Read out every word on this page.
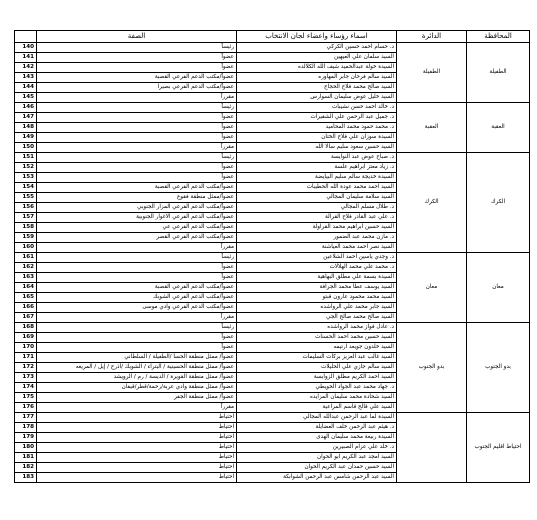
	الصفة	اسماء رؤساء واعضاء لجان الانتخاب	الدائرة	المحافظة
140	رئيساً	د. حسام احمد حسين الكركي	الطفيلة	الطفيلة
141	عضواً	السيد سلمان علي العيهين		
142	عضواً	السيدة خولة عبدالحميد شيف الله الكلالده		
143	عضواً/مكتب الدعم الفرعي القصبة	السيد سالم فرحان جابر المهاوره		
144	عضواً/مكتب الدعم الفرعي بصيرا	السيد صالح محمد فلاح الحجاج		
145	مقرراً	السيد خليل عوض سليمان السوارس		
146	رئيساً	د. خالد احمد حسن نشيبات	العقبة	العقبة
147	عضواً	د. جميل عبد الرحمن علي الشقيرات		
148	عضواً	د. محمد حمود محمد المحاميد		
149	عضواً	السيدة سوزان علي فلاح الختان		
150	مقرراً	السيد حسين سعود سليم سالا الله		
151	رئيساً	د. صباح عوض عبد النوايسة	الكرك	الكرك
152	عضواً	د. زياد معتز ابراهيم علسة		
153	عضواً	السيدة خديجة سالم سليم البيايضة		
154	عضواً/مكتب الدعم الفرعي القصبة	السيد احمد محمد عودة الله الحطيبات		
155	عضواً/ممثل منطقة فقوع	السيد سلامة سليمان المجالي		
156	عضواً/مكتب الدعم الفرعي المزار الجنوبي	د. طلال مسلم المجالي		
157	عضواً/مكتب الدعم الفرعي الاغوار الجنوبية	د. علي عبد القادر فلاح القرالة		
158	عضواً/مكتب الدعم الفرعي عي	السيد حسين ابراهيم محمد القراولة		
159	عضواً/مكتب الدعم الفرعي القصر	د. مازن محمد عبد الضمور		
160	مقرراً	السيد نصر احمد محمد العياشنة		
161	رئيساً	د. وجدي ياسين احمد الشلاعين	معان	معان
162	عضواً	د. محمد علي محمد الهلالات		
163	عضواً	السيدة بسمة علي مطلق البهاهية		
164	عضواً/مكتب الدعم الفرعي القصبة	السيد يوسف عطا محمد الجرافة		
165	عضواً/مكتب الدعم الفرعي الشوبك	السيد محمد محمود عارون قبتو		
166	عضواً/مكتب الدعم الفرعي وادي موسى	السيد جابر محمد علي الرواشده		
167	مقرراً	السيد صالح محمد صالح الجي		
168	رئيساً	د. عادل فواز محمد الرواشده	بدو الجنوب	بدو الجنوب
169	عضواً	السيد حسين محمد احمد الحسنات		
170	عضواً	السيد خلدون جويعد ارتيمه		
171	عضواً/ ممثل منطقة الحسا /الطفيلة / السلطاني	السيد غالب عبد العزيز بركات السليمات		
172	عضواً/ ممثل منطقة الحسينية / البتراء / الشوبك /أذرح / إيل / المريغه	السيد سالم جازي علي الحليلات		
173	عضواً/ ممثل منطقة القويرة / الديسة / رم / الرويشد	السيد احمد الكريم مطلق الزوابسة		
174	عضواً/ ممثل منطقة وادي عربة/رحمة/قطر/قيفان	د. جهاد محمد عبد الجواد الحويطي		
175	عضواً/ ممثل منطقة الجفر	السيد شحادة محمد سليمان المزايده		
176	مقرراً	السيد علي قالح قاسم المراعية		
177	احتياط	السيدة لما عبد الرحمن عبدالله المجالي		احتياط اقليم الجنوب
178	احتياط	د. هيثم عبد الرحمن خلف العضايلة		
179	احتياط	السيدة ربيعة محمد سليمان الهدى		
180	احتياط	د. خلد علي عزام الصبيرين		
181	احتياط	السيد امجد عبد الكريم ابو الحوان		
182	احتياط	السيد حسين حمدان عبد الكريم الحوان		
183	احتياط	السيد عبد الرحمن شامس عبد الرحمن الشوابكة		
